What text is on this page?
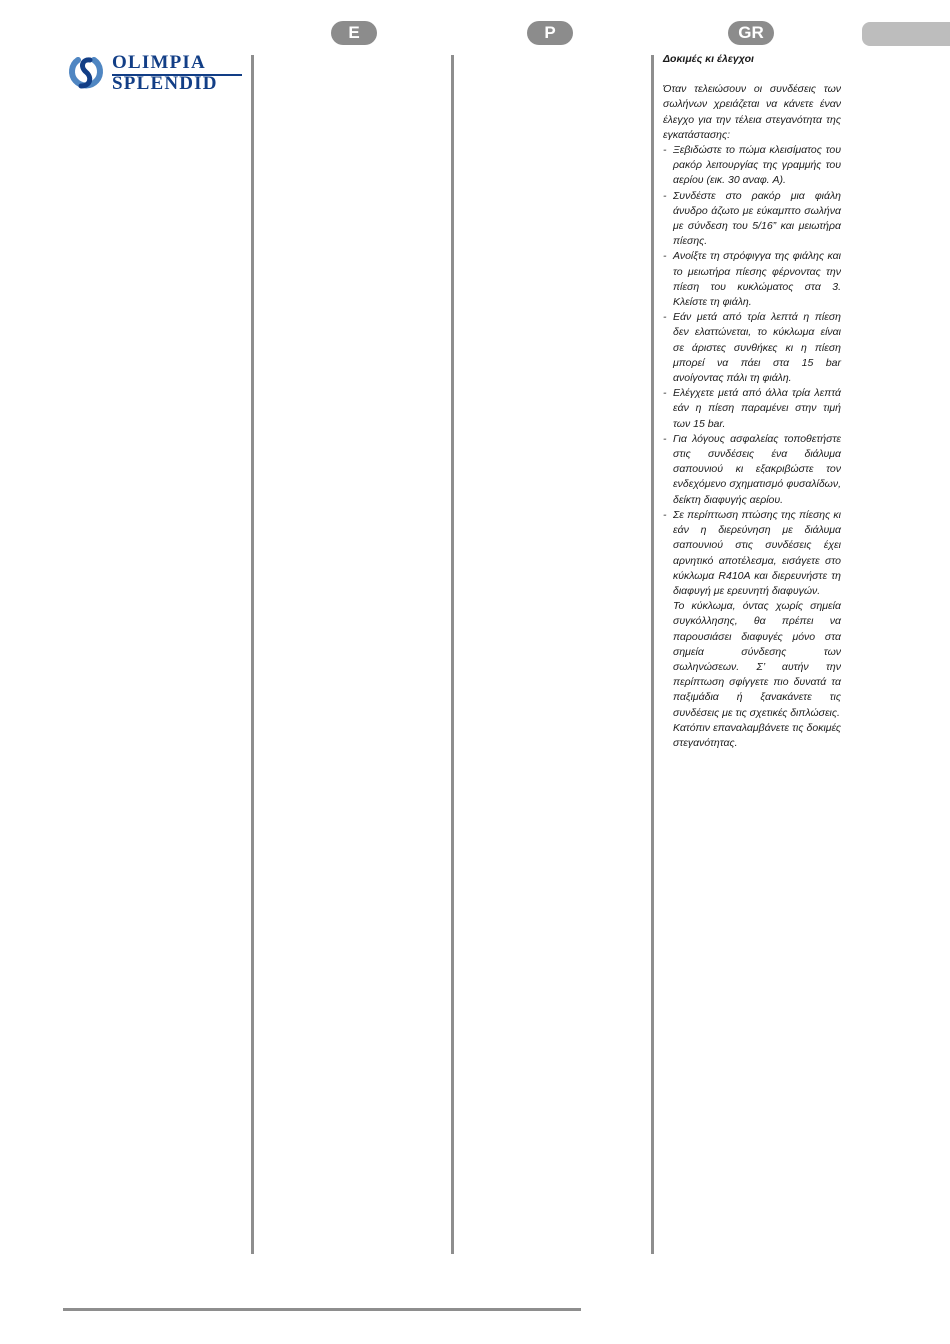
OLIMPIA
SPLENDID
E	P	GR
Δοκιμές κι έλεγχοι

Όταν τελειώσουν οι συνδέσεις των σωλήνων χρειάζεται να κάνετε έναν έλεγχο για την τέλεια στεγανότητα της εγκατάστασης:

- Ξεβιδώστε το πώμα κλεισίματος του ρακόρ λειτουργίας της γραμμής του αερίου (εικ. 30 αναφ. A).
- Συνδέστε στο ρακόρ μια φιάλη άνυδρο άζωτο με εύκαμπτο σωλήνα με σύνδεση του 5/16” και μειωτήρα πίεσης.
- Ανοίξτε τη στρόφιγγα της φιάλης και το μειωτήρα πίεσης φέρνοντας την πίεση του κυκλώματος στα 3. Κλείστε τη φιάλη.
- Εάν μετά από τρία λεπτά η πίεση δεν ελαττώνεται, το κύκλωμα είναι σε άριστες συνθήκες κι η πίεση μπορεί να πάει στα 15 bar ανοίγοντας πάλι τη φιάλη.
- Ελέγχετε μετά από άλλα τρία λεπτά εάν η πίεση παραμένει στην τιμή των 15 bar.
- Για λόγους ασφαλείας τοποθετήστε στις συνδέσεις ένα διάλυμα σαπουνιού κι εξακριβώστε τον ενδεχόμενο σχηματισμό φυσαλίδων, δείκτη διαφυγής αερίου.
- Σε περίπτωση πτώσης της πίεσης κι εάν η διερεύνηση με διάλυμα σαπουνιού στις συνδέσεις έχει αρνητικό αποτέλεσμα, εισάγετε στο κύκλωμα R410A και διερευνήστε τη διαφυγή με ερευνητή διαφυγών.

Το κύκλωμα, όντας χωρίς σημεία συγκόλλησης, θα πρέπει να παρουσιάσει διαφυγές μόνο στα σημεία σύνδεσης των σωληνώσεων. Σ’ αυτήν την περίπτωση σφίγγετε πιο δυνατά τα παξιμάδια ή ξανακάνετε τις συνδέσεις με τις σχετικές διπλώσεις.

Κατόπιν επαναλαμβάνετε τις δοκιμές στεγανότητας.
